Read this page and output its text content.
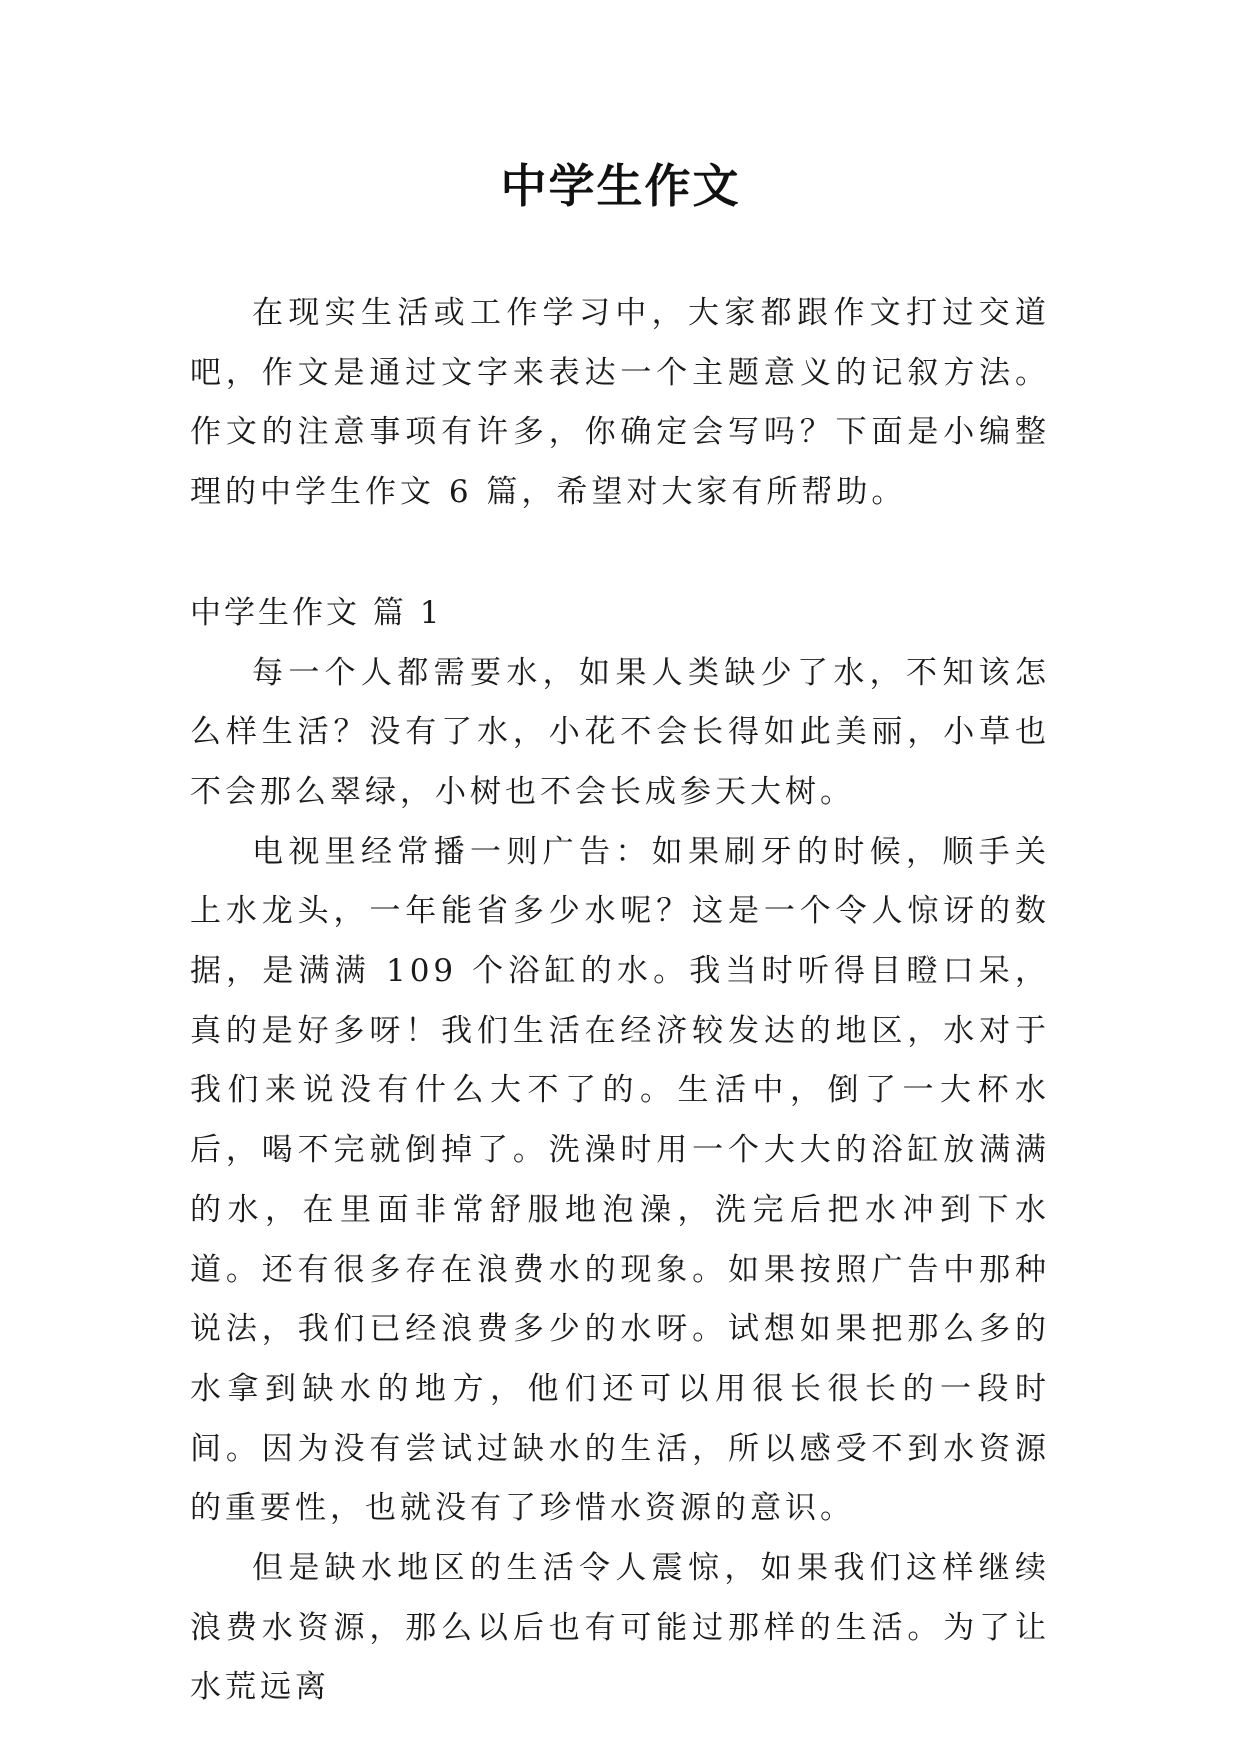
中学生作文

在现实生活或工作学习中，大家都跟作文打过交道吧，作文是通过文字来表达一个主题意义的记叙方法。作文的注意事项有许多，你确定会写吗？下面是小编整理的中学生作文 6 篇，希望对大家有所帮助。

中学生作文 篇 1

每一个人都需要水，如果人类缺少了水，不知该怎么样生活？没有了水，小花不会长得如此美丽，小草也不会那么翠绿，小树也不会长成参天大树。

电视里经常播一则广告：如果刷牙的时候，顺手关上水龙头，一年能省多少水呢？这是一个令人惊讶的数据，是满满 109 个浴缸的水。我当时听得目瞪口呆，真的是好多呀！我们生活在经济较发达的地区，水对于我们来说没有什么大不了的。生活中，倒了一大杯水后，喝不完就倒掉了。洗澡时用一个大大的浴缸放满满的水，在里面非常舒服地泡澡，洗完后把水冲到下水道。还有很多存在浪费水的现象。如果按照广告中那种说法，我们已经浪费多少的水呀。试想如果把那么多的水拿到缺水的地方，他们还可以用很长很长的一段时间。因为没有尝试过缺水的生活，所以感受不到水资源的重要性，也就没有了珍惜水资源的意识。

但是缺水地区的生活令人震惊，如果我们这样继续浪费水资源，那么以后也有可能过那样的生活。为了让水荒远离
